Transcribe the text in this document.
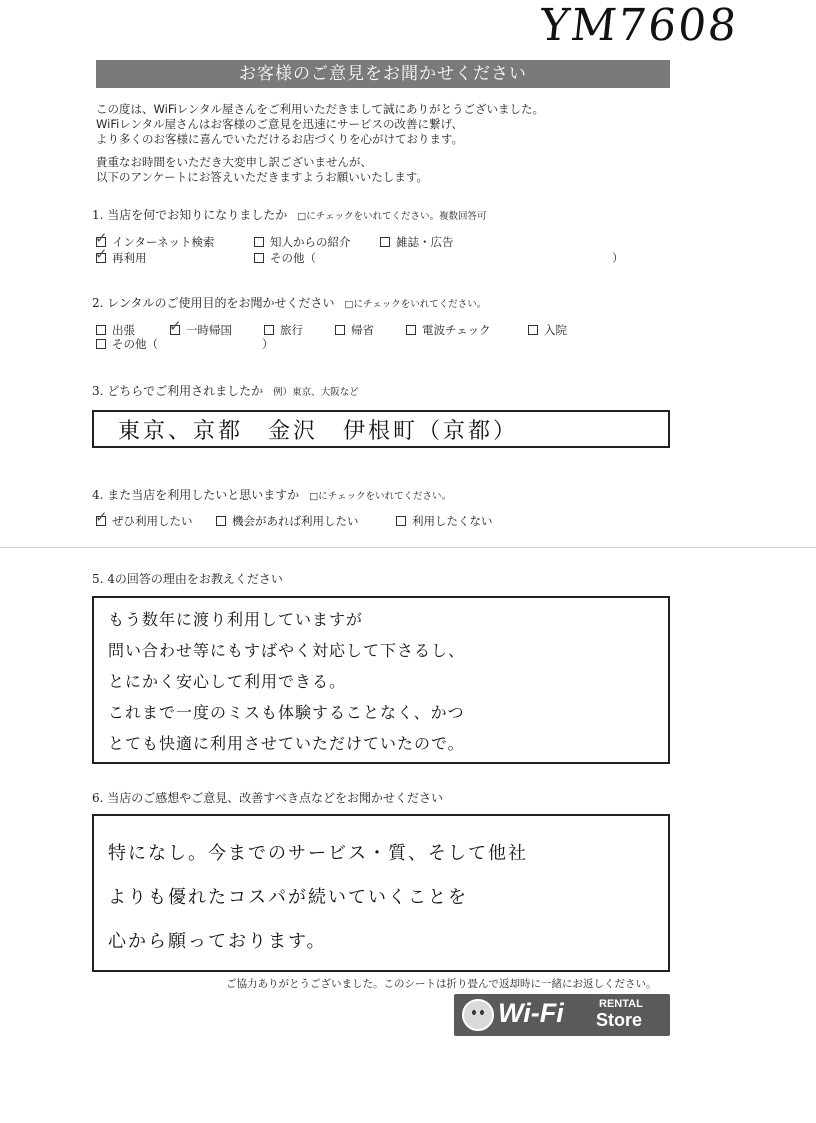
YM7608
お客様のご意見をお聞かせください
この度は、WiFiレンタル屋さんをご利用いただきまして誠にありがとうございました。
WiFiレンタル屋さんはお客様のご意見を迅速にサービスの改善に繋げ、
より多くのお客様に喜んでいただけるお店づくりを心がけております。
貴重なお時間をいただき大変申し訳ございませんが、
以下のアンケートにお答えいただきますようお願いいたします。
1. 当店を何でお知りになりましたか □にチェックをいれてください。複数回答可
✓ インターネット検索	知人からの紹介	雑誌・広告
✓ 再利用	その他（	）
2. レンタルのご使用目的をお聞かせください □にチェックをいれてください。
出張 ✓ 一時帰国	旅行	帰省	電波チェック	入院
その他（	）
3. どちらでご利用されましたか 例）東京、大阪など
東京、京都　金沢　伊根町（京都）
4. また当店を利用したいと思いますか □にチェックをいれてください。
✓ ぜひ利用したい	機会があれば利用したい	利用したくない
5. 4の回答の理由をお教えください
もう数年に渡り利用していますが
問い合わせ等にもすばやく対応して下さるし、
とにかく安心して利用できる。
これまで一度のミスも体験することなく、かつ
とても快適に利用させていただけていたので。
6. 当店のご感想やご意見、改善すべき点などをお聞かせください
特になし。今までのサービス・質、そして他社
よりも優れたコスパが続いていくことを
心から願っております。
ご協力ありがとうございました。このシートは折り畳んで返却時に一緒にお返しください。
Wi-Fi	RENTAL
Store
